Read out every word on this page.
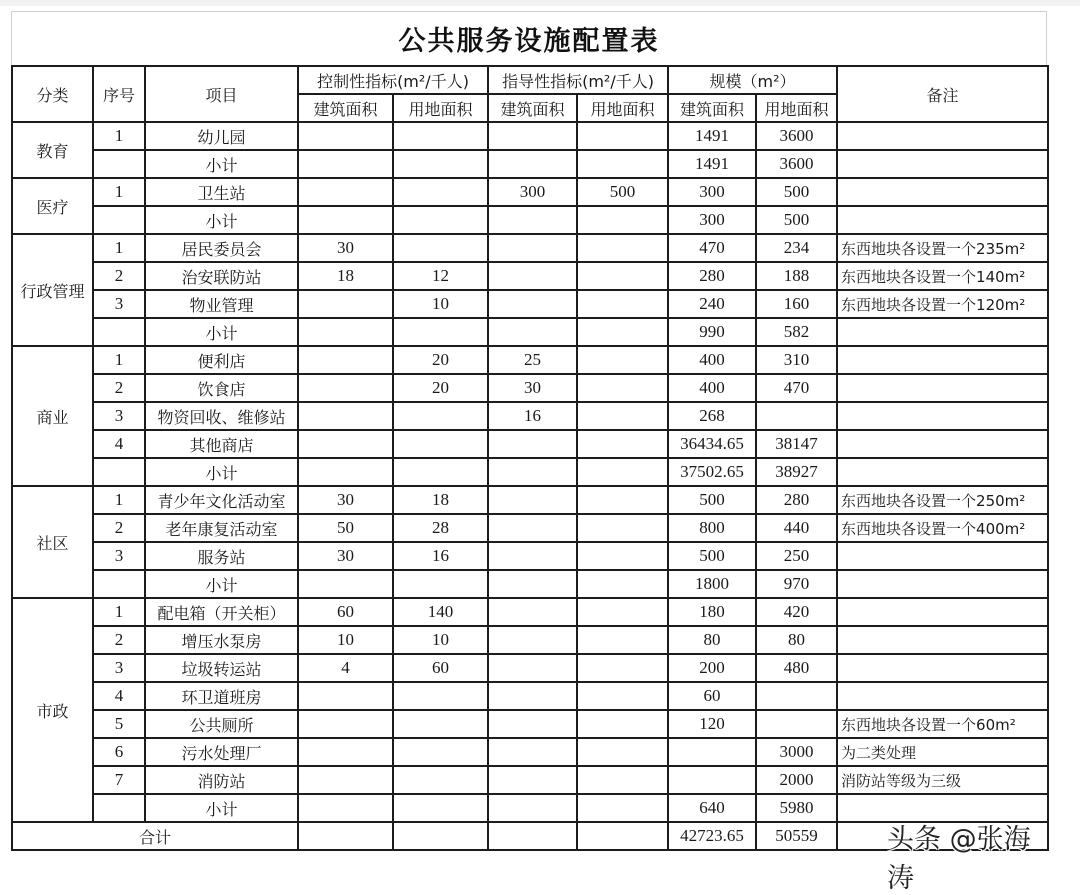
公共服务设施配置表
分类	序号	项目	控制性指标(m²/千人)		指导性指标(m²/千人)		规模（m²）		备注
			建筑面积	用地面积	建筑面积	用地面积	建筑面积	用地面积	
教育	1	幼儿园					1491	3600	
		小计					1491	3600	
医疗	1	卫生站			300	500	300	500	
		小计					300	500	
行政管理	1	居民委员会	30				470	234	东西地块各设置一个235m²
	2	治安联防站	18	12			280	188	东西地块各设置一个140m²
	3	物业管理		10			240	160	东西地块各设置一个120m²
		小计					990	582	
商业	1	便利店		20	25		400	310	
	2	饮食店		20	30		400	470	
	3	物资回收、维修站			16		268		
	4	其他商店					36434.65	38147	
		小计					37502.65	38927	
社区	1	青少年文化活动室	30	18			500	280	东西地块各设置一个250m²
	2	老年康复活动室	50	28			800	440	东西地块各设置一个400m²
	3	服务站	30	16			500	250	
		小计					1800	970	
市政	1	配电箱（开关柜）	60	140			180	420	
	2	增压水泵房	10	10			80	80	
	3	垃圾转运站	4	60			200	480	
	4	环卫道班房					60		
	5	公共厕所					120		东西地块各设置一个60m²
	6	污水处理厂						3000	为二类处理
	7	消防站						2000	消防站等级为三级
		小计					640	5980	
合计							42723.65	50559		头条 @张海涛
